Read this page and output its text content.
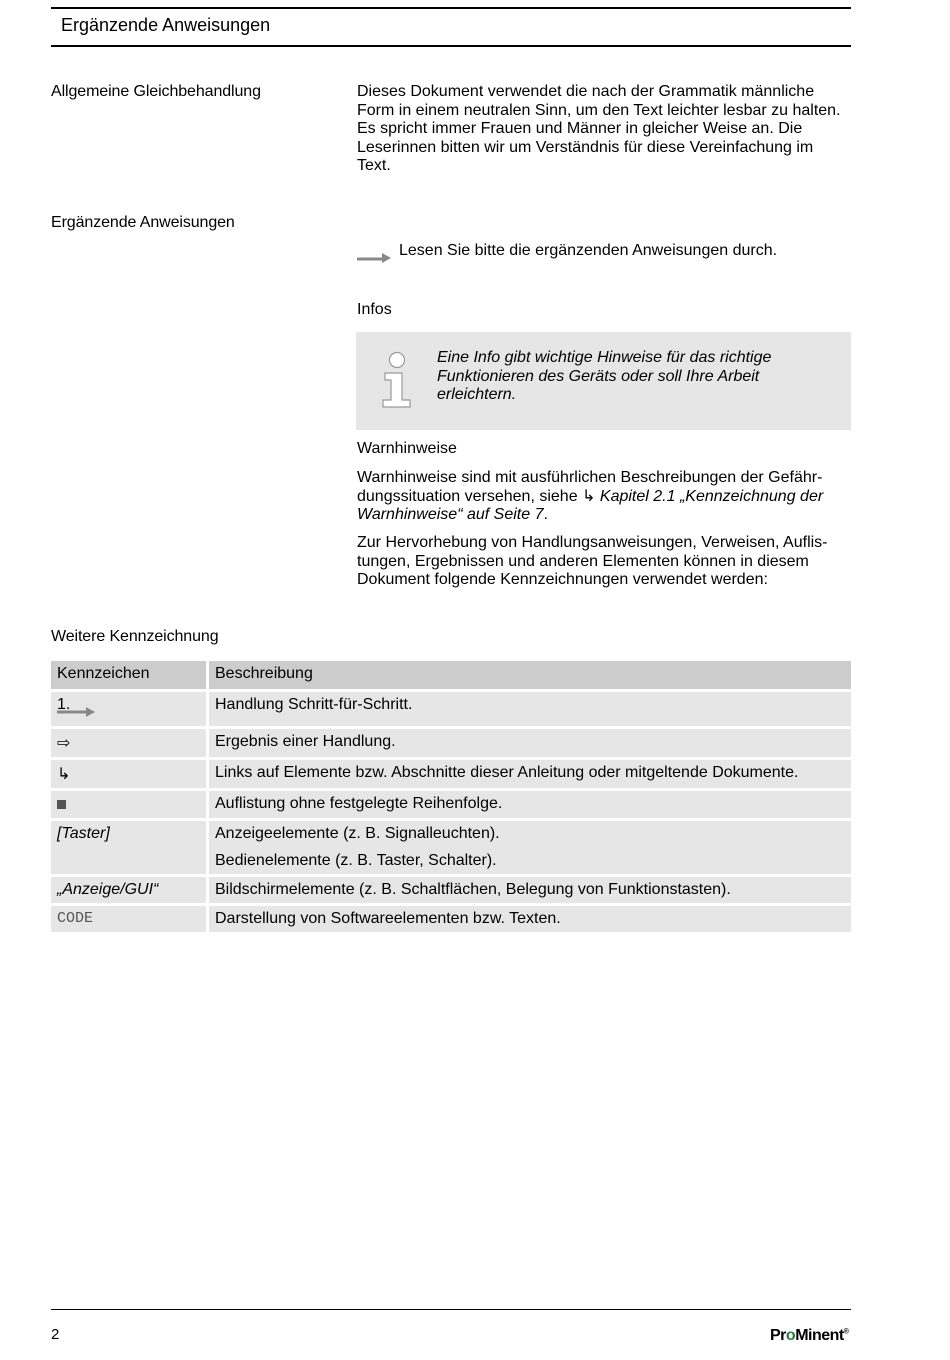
Ergänzende Anweisungen
Allgemeine Gleichbehandlung	Dieses Dokument verwendet die nach der Grammatik männliche Form in einem neutralen Sinn, um den Text leichter lesbar zu halten. Es spricht immer Frauen und Männer in gleicher Weise an. Die Leserinnen bitten wir um Verständnis für diese Vereinfachung im Text.
Ergänzende Anweisungen
Lesen Sie bitte die ergänzenden Anweisungen durch.
Infos
Eine Info gibt wichtige Hinweise für das richtige Funktionieren des Geräts oder soll Ihre Arbeit erleichtern.
Warnhinweise
Warnhinweise sind mit ausführlichen Beschreibungen der Gefährdungssituation versehen, siehe ↳ Kapitel 2.1 „Kennzeichnung der Warnhinweise“ auf Seite 7.
Zur Hervorhebung von Handlungsanweisungen, Verweisen, Auflistungen, Ergebnissen und anderen Elementen können in diesem Dokument folgende Kennzeichnungen verwendet werden:
Weitere Kennzeichnung
Kennzeichen	Beschreibung
1.	Handlung Schritt-für-Schritt.
⇨	Ergebnis einer Handlung.
↳	Links auf Elemente bzw. Abschnitte dieser Anleitung oder mitgeltende Dokumente.
	Auflistung ohne festgelegte Reihenfolge.
[Taster]	Anzeigeelemente (z. B. Signalleuchten).
Bedienelemente (z. B. Taster, Schalter).

„Anzeige/GUI“	Bildschirmelemente (z. B. Schaltflächen, Belegung von Funktionstasten).
CODE	Darstellung von Softwareelementen bzw. Texten.
2	ProMinent®
